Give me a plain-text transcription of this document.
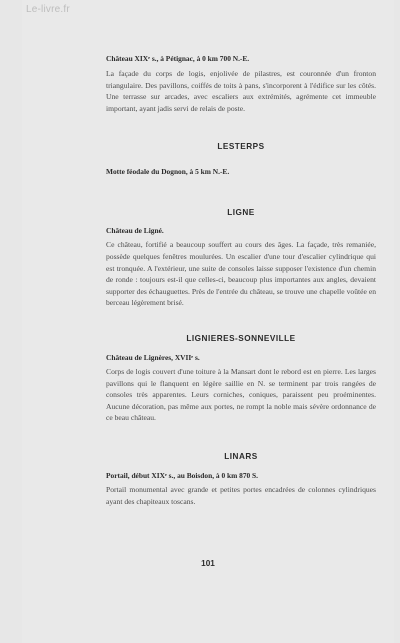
Le-livre.fr
Château XIXᵉ s., à Pétignac, à 0 km 700 N.-E.
La façade du corps de logis, enjolivée de pilastres, est couronnée d'un fronton triangulaire. Des pavillons, coiffés de toits à pans, s'incorporent à l'édifice sur les côtés. Une terrasse sur arcades, avec escaliers aux extrémités, agrémente cet immeuble important, ayant jadis servi de relais de poste.
LESTERPS
Motte féodale du Dognon, à 5 km N.-E.
LIGNE
Château de Ligné.
Ce château, fortifié a beaucoup souffert au cours des âges. La façade, très remaniée, possède quelques fenêtres moulurées. Un escalier d'une tour d'escalier cylindrique qui est tronquée. A l'extérieur, une suite de consoles laisse supposer l'existence d'un chemin de ronde : toujours est-il que celles-ci, beaucoup plus importantes aux angles, devaient supporter des échauguettes. Près de l'entrée du château, se trouve une chapelle voûtée en berceau légèrement brisé.
LIGNIERES-SONNEVILLE
Château de Lignères, XVIIᵉ s.
Corps de logis couvert d'une toiture à la Mansart dont le rebord est en pierre. Les larges pavillons qui le flanquent en légère saillie en N. se terminent par trois rangées de consoles très apparentes. Leurs corniches, coniques, paraissent peu proéminentes. Aucune décoration, pas même aux portes, ne rompt la noble mais sévère ordonnance de ce beau château.
LINARS
Portail, début XIXᵉ s., au Boisdon, à 0 km 870 S.
Portail monumental avec grande et petites portes encadrées de colonnes cylindriques ayant des chapiteaux toscans.
101
